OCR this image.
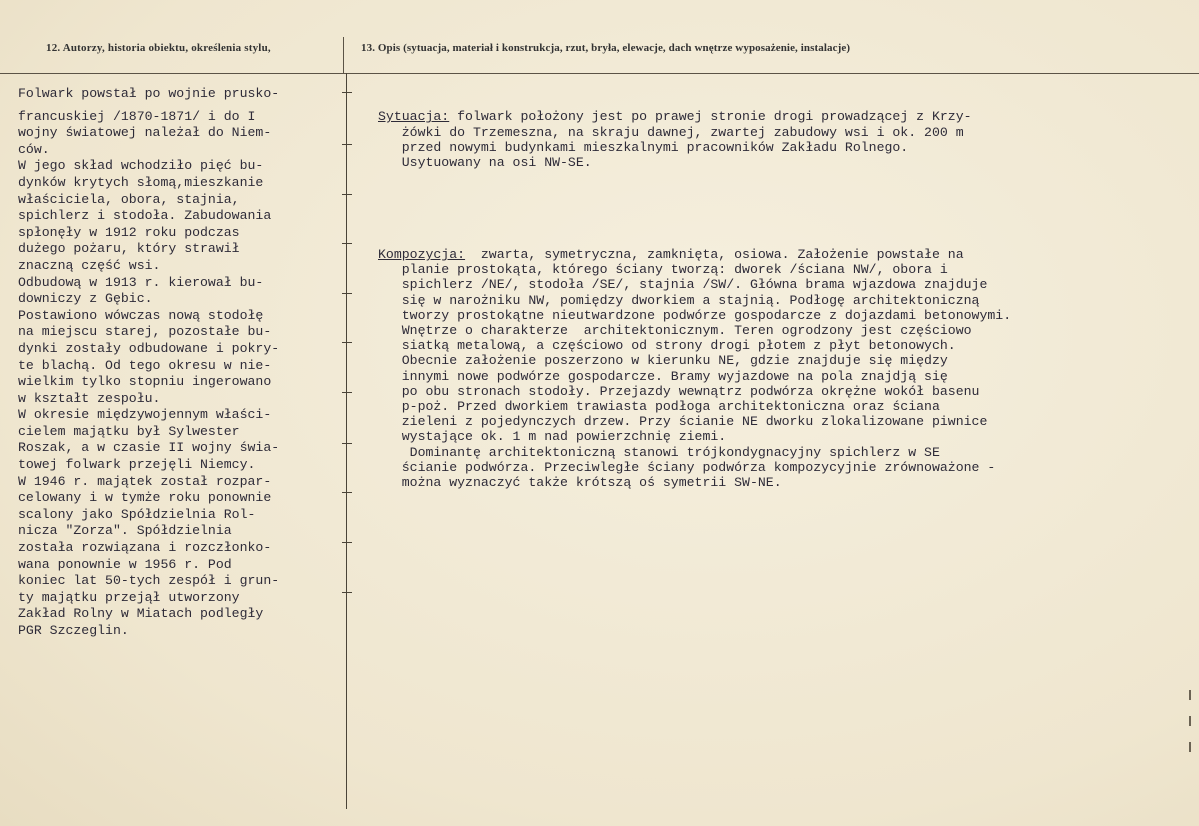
12. Autorzy, historia obiektu, określenia stylu,	13. Opis (sytuacja, materiał i konstrukcja, rzut, bryła, elewacje, dach wnętrze wyposażenie, instalacje)
Folwark powstał po wojnie prusko-
francuskiej /1870-1871/ i do I
wojny światowej należał do Niem-
ców.
W jego skład wchodziło pięć bu-
dynków krytych słomą,mieszkanie
właściciela, obora, stajnia,
spichlerz i stodoła. Zabudowania
spłonęły w 1912 roku podczas
dużego pożaru, który strawił
znaczną część wsi.
Odbudową w 1913 r. kierował bu-
downiczy z Gębic.
Postawiono wówczas nową stodołę
na miejscu starej, pozostałe bu-
dynki zostały odbudowane i pokry-
te blachą. Od tego okresu w nie-
wielkim tylko stopniu ingerowano
w kształt zespołu.
W okresie międzywojennym właści-
cielem majątku był Sylwester
Roszak, a w czasie II wojny świa-
towej folwark przejęli Niemcy.
W 1946 r. majątek został rozpar-
celowany i w tymże roku ponownie
scalony jako Spółdzielnia Rol-
nicza "Zorza". Spółdzielnia
została rozwiązana i rozczłonko-
wana ponownie w 1956 r. Pod
koniec lat 50-tych zespół i grun-
ty majątku przejął utworzony
Zakład Rolny w Miatach podległy
PGR Szczeglin.

Sytuacja: folwark położony jest po prawej stronie drogi prowadzącej z Krzy-
żówki do Trzemeszna, na skraju dawnej, zwartej zabudowy wsi i ok. 200 m
przed nowymi budynkami mieszkalnymi pracowników Zakładu Rolnego.
Usytuowany na osi NW-SE.

Kompozycja:  zwarta, symetryczna, zamknięta, osiowa. Założenie powstałe na
planie prostokąta, którego ściany tworzą: dworek /ściana NW/, obora i
spichlerz /NE/, stodoła /SE/, stajnia /SW/. Główna brama wjazdowa znajduje
się w narożniku NW, pomiędzy dworkiem a stajnią. Podłogę architektoniczną
tworzy prostokątne nieutwardzone podwórze gospodarcze z dojazdami betonowymi.
Wnętrze o charakterze  architektonicznym. Teren ogrodzony jest częściowo
siatką metalową, a częściowo od strony drogi płotem z płyt betonowych.
Obecnie założenie poszerzono w kierunku NE, gdzie znajduje się między
innymi nowe podwórze gospodarcze. Bramy wyjazdowe na pola znajdją się
po obu stronach stodoły. Przejazdy wewnątrz podwórza okrężne wokół basenu
p-poż. Przed dworkiem trawiasta podłoga architektoniczna oraz ściana
zieleni z pojedynczych drzew. Przy ścianie NE dworku zlokalizowane piwnice
wystające ok. 1 m nad powierzchnię ziemi.
Dominantę architektoniczną stanowi trójkondygnacyjny spichlerz w SE
ścianie podwórza. Przeciwległe ściany podwórza kompozycyjnie zrównoważone -
można wyznaczyć także krótszą oś symetrii SW-NE.
